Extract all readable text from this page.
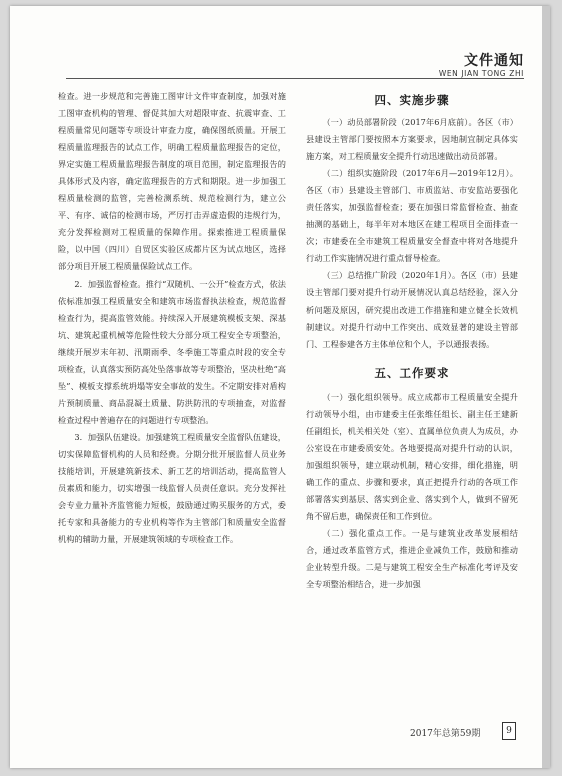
文件通知
WEN JIAN TONG ZHI

检查。进一步规范和完善施工图审计文件审查制度，加强对施工图审查机构的管理、督促其加大对超限审查、抗震审查、工程质量常见问题等专项设计审查力度，确保图纸质量。开展工程质量监理报告的试点工作，明确工程质量监理报告的定位，界定实施工程质量监理报告制度的项目范围，制定监理报告的具体形式及内容，确定监理报告的方式和期限。进一步加强工程质量检测的监管，完善检测系统、规范检测行为，建立公平、有序、诚信的检测市场，严厉打击弄虚造假的违规行为，充分发挥检测对工程质量的保障作用。探索推进工程质量保险，以中国（四川）自贸区实验区成都片区为试点地区，选择部分项目开展工程质量保险试点工作。

2．加强监督检查。推行“双随机、一公开”检查方式，依法依标准加强工程质量安全和建筑市场监督执法检查，规范监督检查行为，提高监管效能。持续深入开展建筑模板支架、深基坑、建筑起重机械等危险性较大分部分项工程安全专项整治，继续开展岁末年初、汛期雨季、冬季施工等重点时段的安全专项检查，认真落实预防高处坠落事故等专项整治，坚决杜绝“高坠”、模板支撑系统坍塌等安全事故的发生。不定期安排对盾构片预制质量、商品混凝土质量、防洪防汛的专项抽查，对监督检查过程中普遍存在的问题进行专项整治。

3．加强队伍建设。加强建筑工程质量安全监督队伍建设，切实保障监督机构的人员和经费。分期分批开展监督人员业务技能培训，开展建筑新技术、新工艺的培训活动，提高监管人员素质和能力，切实增强一线监督人员责任意识。充分发挥社会专业力量补齐监管能力短板，鼓励通过购买服务的方式，委托专家和具备能力的专业机构等作为主管部门和质量安全监督机构的辅助力量，开展建筑领域的专项检查工作。

四、实施步骤

（一）动员部署阶段（2017年6月底前）。各区（市）县建设主管部门要按照本方案要求，因地制宜制定具体实施方案，对工程质量安全提升行动迅速做出动员部署。

（二）组织实施阶段（2017年6月—2019年12月）。各区（市）县建设主管部门、市质监站、市安监站要强化责任落实，加强监督检查；要在加强日常监督检查、抽查抽测的基础上，每半年对本地区在建工程项目全面排查一次；市建委在全市建筑工程质量安全督查中将对各地提升行动工作实施情况进行重点督导检查。

（三）总结推广阶段（2020年1月）。各区（市）县建设主管部门要对提升行动开展情况认真总结经验，深入分析问题及原因，研究提出改进工作措施和建立健全长效机制建议。对提升行动中工作突出、成效显著的建设主管部门、工程参建各方主体单位和个人，予以通报表扬。

五、工作要求

（一）强化组织领导。成立成都市工程质量安全提升行动领导小组，由市建委主任张维任组长、副主任王建新任副组长，机关相关处（室）、直属单位负责人为成员，办公室设在市建委质安处。各地要提高对提升行动的认识，加强组织领导，建立联动机制，精心安排，细化措施，明确工作的重点、步骤和要求，真正把提升行动的各项工作部署落实到基层、落实到企业、落实到个人，做到不留死角不留后患，确保责任和工作到位。

（二）强化重点工作。一是与建筑业改革发展相结合，通过改革监管方式，推进企业减负工作，鼓励和推动企业转型升级。二是与建筑工程安全生产标准化考评及安全专项整治相结合，进一步加强

2017年总第59期	9
